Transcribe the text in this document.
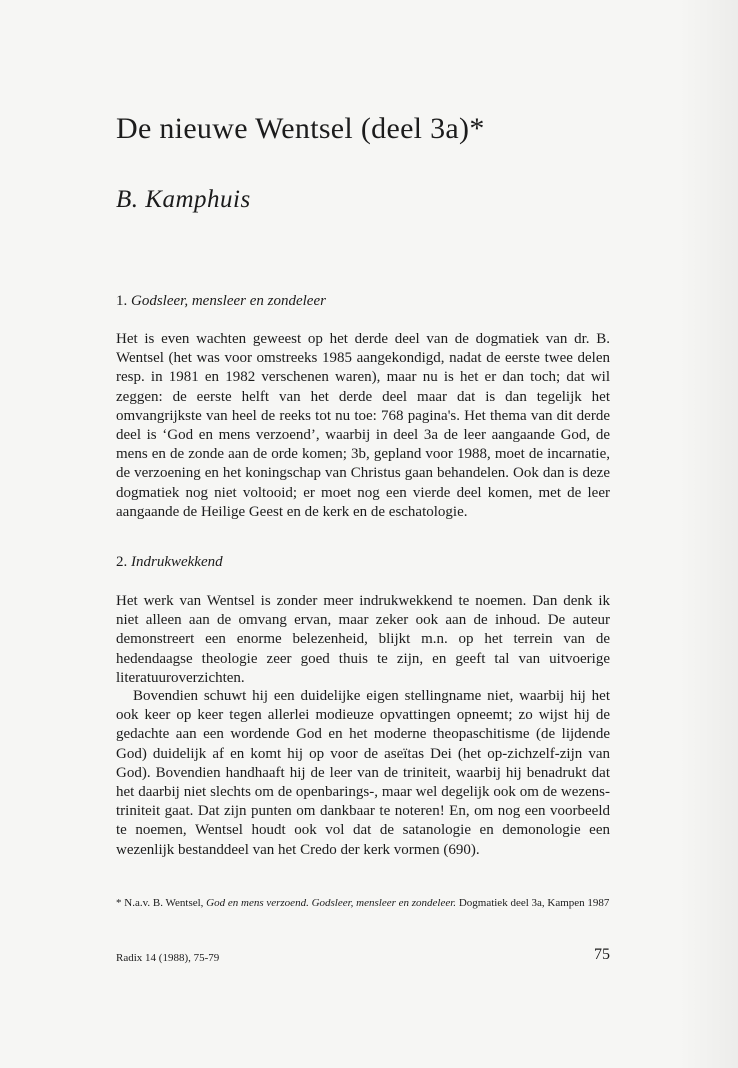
De nieuwe Wentsel (deel 3a)*
B. Kamphuis
1. Godsleer, mensleer en zondeleer

Het is even wachten geweest op het derde deel van de dogmatiek van dr. B. Wentsel (het was voor omstreeks 1985 aangekondigd, nadat de eerste twee delen resp. in 1981 en 1982 verschenen waren), maar nu is het er dan toch; dat wil zeggen: de eerste helft van het derde deel maar dat is dan tegelijk het omvangrijkste van heel de reeks tot nu toe: 768 pagina's. Het thema van dit derde deel is ‘God en mens verzoend’, waarbij in deel 3a de leer aangaande God, de mens en de zonde aan de orde komen; 3b, gepland voor 1988, moet de incarnatie, de verzoening en het koningschap van Christus gaan behandelen. Ook dan is deze dogmatiek nog niet voltooid; er moet nog een vierde deel komen, met de leer aangaande de Heilige Geest en de kerk en de eschatologie.

2. Indrukwekkend

Het werk van Wentsel is zonder meer indrukwekkend te noemen. Dan denk ik niet alleen aan de omvang ervan, maar zeker ook aan de inhoud. De auteur demonstreert een enorme belezenheid, blijkt m.n. op het terrein van de hedendaagse theologie zeer goed thuis te zijn, en geeft tal van uitvoerige literatuuroverzichten.

Bovendien schuwt hij een duidelijke eigen stellingname niet, waarbij hij het ook keer op keer tegen allerlei modieuze opvattingen opneemt; zo wijst hij de gedachte aan een wordende God en het moderne theopaschitisme (de lijdende God) duidelijk af en komt hij op voor de aseïtas Dei (het op-zichzelf-zijn van God). Bovendien handhaaft hij de leer van de triniteit, waarbij hij benadrukt dat het daarbij niet slechts om de openbarings-, maar wel degelijk ook om de wezens-triniteit gaat. Dat zijn punten om dankbaar te noteren! En, om nog een voorbeeld te noemen, Wentsel houdt ook vol dat de satanologie en demonologie een wezenlijk bestanddeel van het Credo der kerk vormen (690).

* N.a.v. B. Wentsel, God en mens verzoend. Godsleer, mensleer en zondeleer. Dogmatiek deel 3a, Kampen 1987

Radix 14 (1988), 75-79	75
